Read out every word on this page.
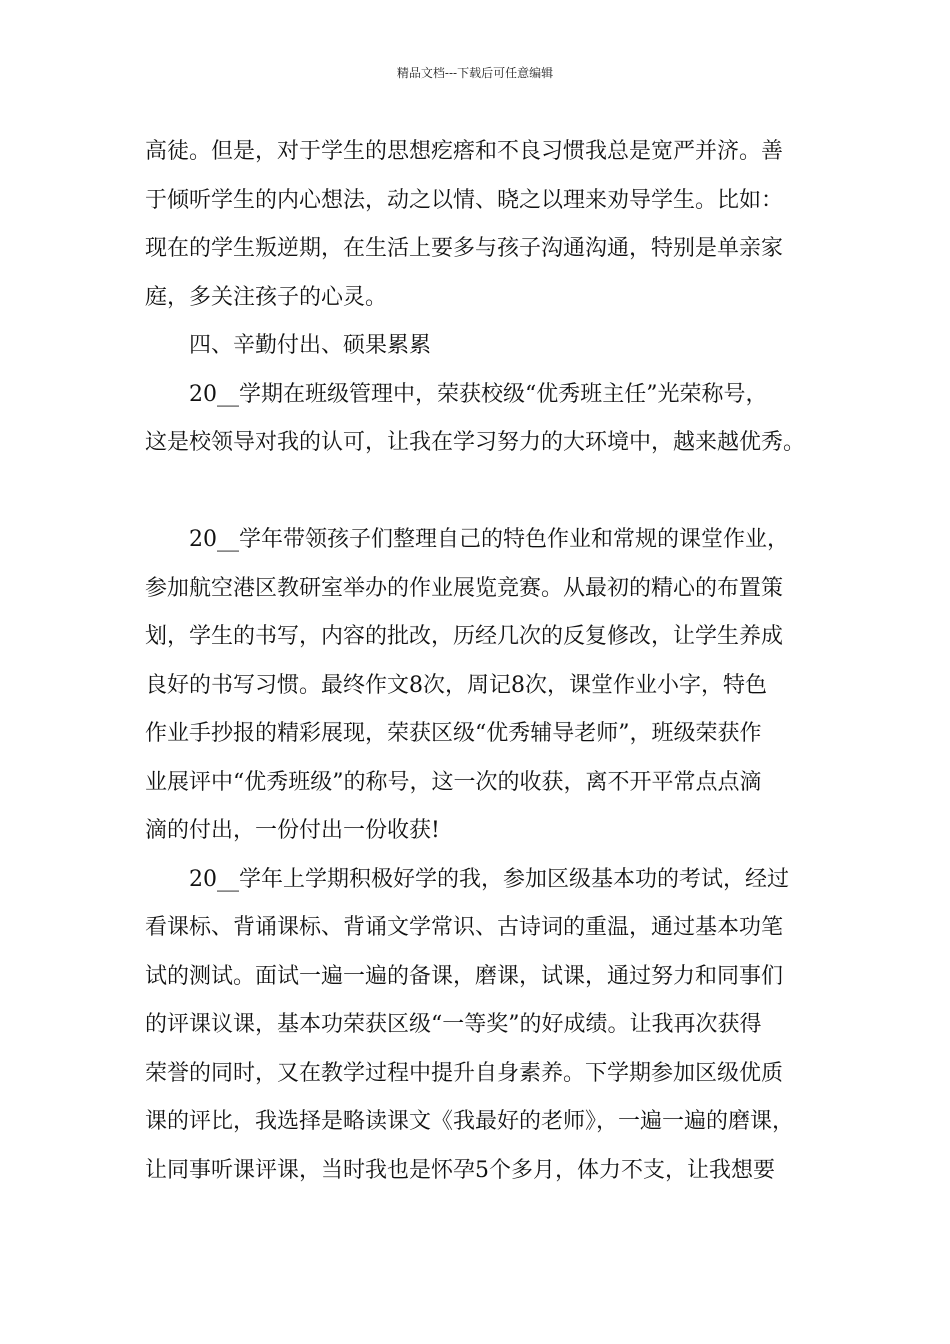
精品文档---下载后可任意编辑
高徒。但是，对于学生的思想疙瘩和不良习惯我总是宽严并济。善
于倾听学生的内心想法，动之以情、晓之以理来劝导学生。比如：
现在的学生叛逆期，在生活上要多与孩子沟通沟通，特别是单亲家
庭，多关注孩子的心灵。
四、辛勤付出、硕果累累
20__学期在班级管理中，荣获校级“优秀班主任”光荣称号，
这是校领导对我的认可，让我在学习努力的大环境中，越来越优秀。
20__学年带领孩子们整理自己的特色作业和常规的课堂作业，
参加航空港区教研室举办的作业展览竞赛。从最初的精心的布置策
划，学生的书写，内容的批改，历经几次的反复修改，让学生养成
良好的书写习惯。最终作文8次，周记8次，课堂作业小字，特色
作业手抄报的精彩展现，荣获区级“优秀辅导老师”，班级荣获作
业展评中“优秀班级”的称号，这一次的收获，离不开平常点点滴
滴的付出，一份付出一份收获!
20__学年上学期积极好学的我，参加区级基本功的考试，经过
看课标、背诵课标、背诵文学常识、古诗词的重温，通过基本功笔
试的测试。面试一遍一遍的备课，磨课，试课，通过努力和同事们
的评课议课，基本功荣获区级“一等奖”的好成绩。让我再次获得
荣誉的同时，又在教学过程中提升自身素养。下学期参加区级优质
课的评比，我选择是略读课文《我最好的老师》，一遍一遍的磨课，
让同事听课评课，当时我也是怀孕5个多月，体力不支，让我想要
